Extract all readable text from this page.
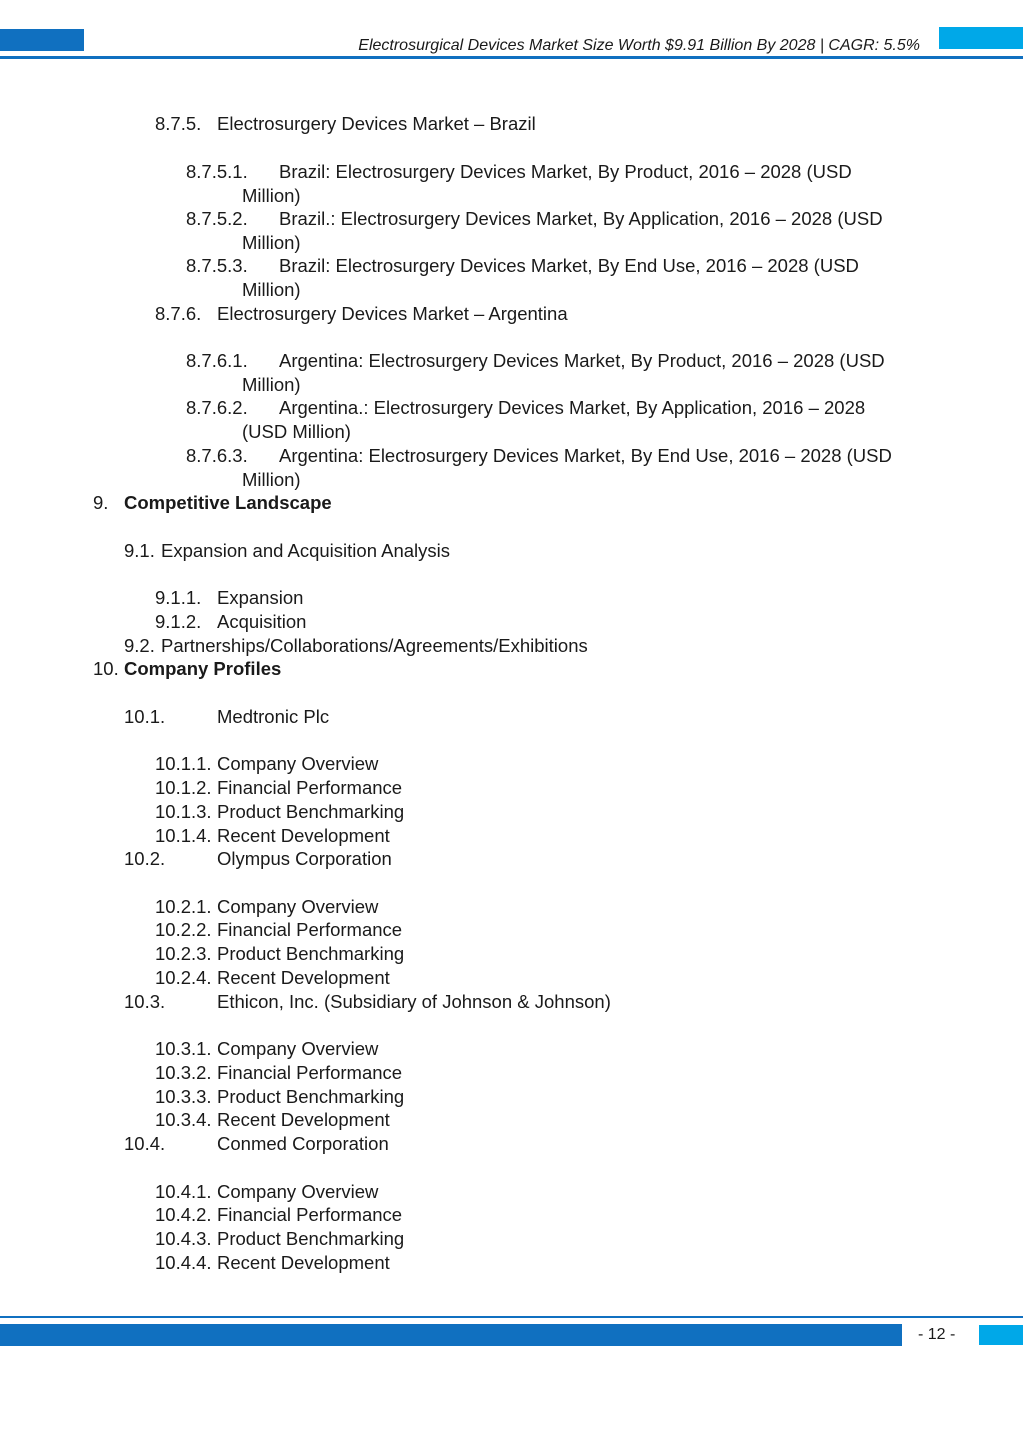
Electrosurgical Devices Market Size Worth $9.91 Billion By 2028 | CAGR: 5.5%
8.7.5. Electrosurgery Devices Market – Brazil
8.7.5.1. Brazil: Electrosurgery Devices Market, By Product, 2016 – 2028 (USD
Million)
8.7.5.2. Brazil.: Electrosurgery Devices Market, By Application, 2016 – 2028 (USD
Million)
8.7.5.3. Brazil: Electrosurgery Devices Market, By End Use, 2016 – 2028 (USD
Million)
8.7.6. Electrosurgery Devices Market – Argentina
8.7.6.1. Argentina: Electrosurgery Devices Market, By Product, 2016 – 2028 (USD
Million)
8.7.6.2. Argentina.: Electrosurgery Devices Market, By Application, 2016 – 2028
(USD Million)
8.7.6.3. Argentina: Electrosurgery Devices Market, By End Use, 2016 – 2028 (USD
Million)
9. Competitive Landscape
9.1. Expansion and Acquisition Analysis
9.1.1. Expansion
9.1.2. Acquisition
9.2. Partnerships/Collaborations/Agreements/Exhibitions
10. Company Profiles
10.1.	Medtronic Plc
10.1.1. Company Overview
10.1.2. Financial Performance
10.1.3. Product Benchmarking
10.1.4. Recent Development
10.2.	Olympus Corporation
10.2.1. Company Overview
10.2.2. Financial Performance
10.2.3. Product Benchmarking
10.2.4. Recent Development
10.3.	Ethicon, Inc. (Subsidiary of Johnson & Johnson)
10.3.1. Company Overview
10.3.2. Financial Performance
10.3.3. Product Benchmarking
10.3.4. Recent Development
10.4.	Conmed Corporation
10.4.1. Company Overview
10.4.2. Financial Performance
10.4.3. Product Benchmarking
10.4.4. Recent Development
- 12 -
